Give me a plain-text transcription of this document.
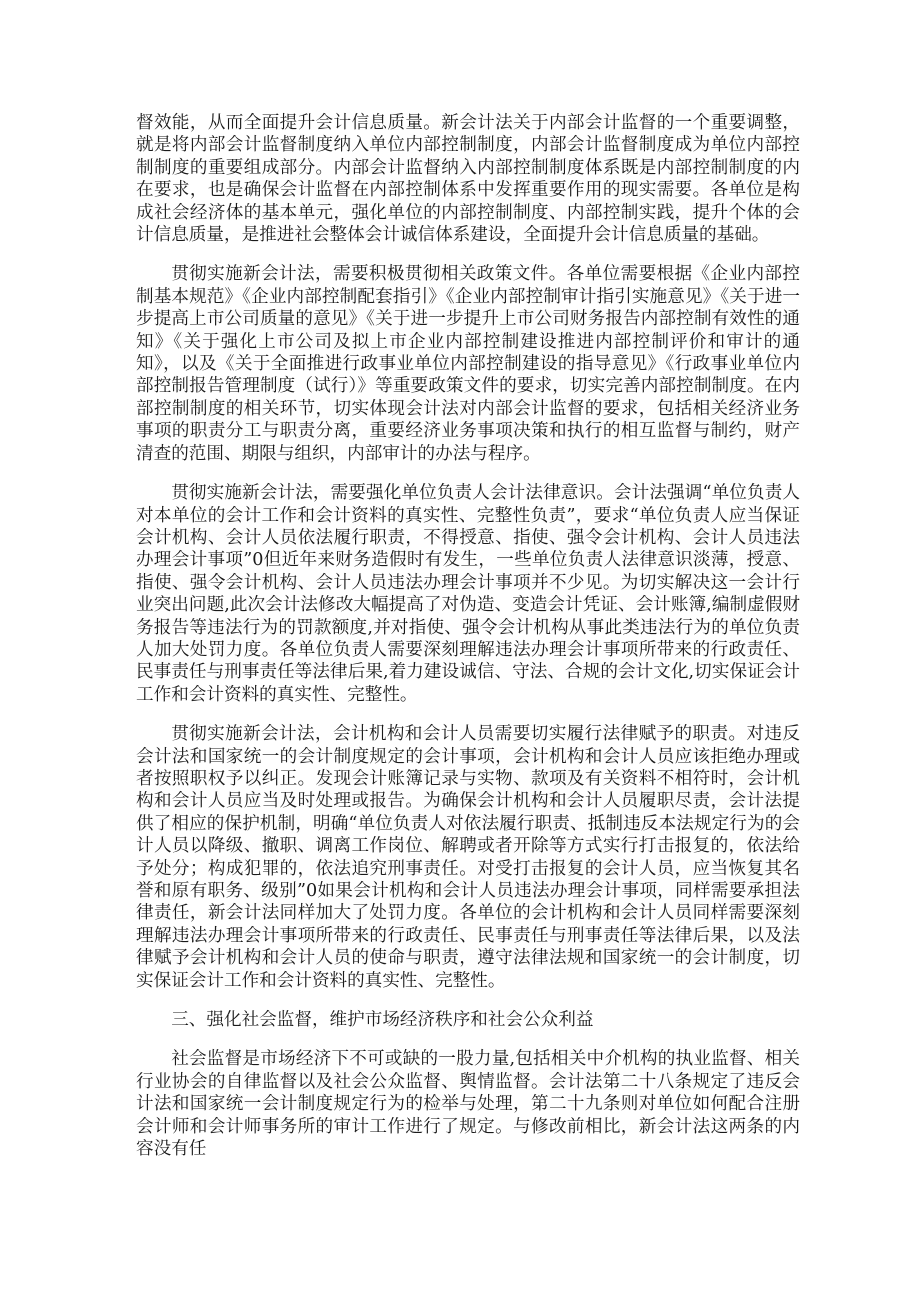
督效能，从而全面提升会计信息质量。新会计法关于内部会计监督的一个重要调整，就是将内部会计监督制度纳入单位内部控制制度，内部会计监督制度成为单位内部控制制度的重要组成部分。内部会计监督纳入内部控制制度体系既是内部控制制度的内在要求，也是确保会计监督在内部控制体系中发挥重要作用的现实需要。各单位是构成社会经济体的基本单元，强化单位的内部控制制度、内部控制实践，提升个体的会计信息质量，是推进社会整体会计诚信体系建设，全面提升会计信息质量的基础。

贯彻实施新会计法，需要积极贯彻相关政策文件。各单位需要根据《企业内部控制基本规范》《企业内部控制配套指引》《企业内部控制审计指引实施意见》《关于进一步提高上市公司质量的意见》《关于进一步提升上市公司财务报告内部控制有效性的通知》《关于强化上市公司及拟上市企业内部控制建设推进内部控制评价和审计的通知》，以及《关于全面推进行政事业单位内部控制建设的指导意见》《行政事业单位内部控制报告管理制度（试行）》等重要政策文件的要求，切实完善内部控制制度。在内部控制制度的相关环节，切实体现会计法对内部会计监督的要求，包括相关经济业务事项的职责分工与职责分离，重要经济业务事项决策和执行的相互监督与制约，财产清查的范围、期限与组织，内部审计的办法与程序。

贯彻实施新会计法，需要强化单位负责人会计法律意识。会计法强调“单位负责人对本单位的会计工作和会计资料的真实性、完整性负责”，要求“单位负责人应当保证会计机构、会计人员依法履行职责，不得授意、指使、强令会计机构、会计人员违法办理会计事项”0但近年来财务造假时有发生，一些单位负责人法律意识淡薄，授意、指使、强令会计机构、会计人员违法办理会计事项并不少见。为切实解决这一会计行业突出问题,此次会计法修改大幅提高了对伪造、变造会计凭证、会计账簿,编制虚假财务报告等违法行为的罚款额度,并对指使、强令会计机构从事此类违法行为的单位负责人加大处罚力度。各单位负责人需要深刻理解违法办理会计事项所带来的行政责任、民事责任与刑事责任等法律后果,着力建设诚信、守法、合规的会计文化,切实保证会计工作和会计资料的真实性、完整性。

贯彻实施新会计法，会计机构和会计人员需要切实履行法律赋予的职责。对违反会计法和国家统一的会计制度规定的会计事项，会计机构和会计人员应该拒绝办理或者按照职权予以纠正。发现会计账簿记录与实物、款项及有关资料不相符时，会计机构和会计人员应当及时处理或报告。为确保会计机构和会计人员履职尽责，会计法提供了相应的保护机制，明确“单位负责人对依法履行职责、抵制违反本法规定行为的会计人员以降级、撤职、调离工作岗位、解聘或者开除等方式实行打击报复的，依法给予处分；构成犯罪的，依法追究刑事责任。对受打击报复的会计人员，应当恢复其名誉和原有职务、级别”0如果会计机构和会计人员违法办理会计事项，同样需要承担法律责任，新会计法同样加大了处罚力度。各单位的会计机构和会计人员同样需要深刻理解违法办理会计事项所带来的行政责任、民事责任与刑事责任等法律后果，以及法律赋予会计机构和会计人员的使命与职责，遵守法律法规和国家统一的会计制度，切实保证会计工作和会计资料的真实性、完整性。

三、强化社会监督，维护市场经济秩序和社会公众利益

社会监督是市场经济下不可或缺的一股力量,包括相关中介机构的执业监督、相关行业协会的自律监督以及社会公众监督、舆情监督。会计法第二十八条规定了违反会计法和国家统一会计制度规定行为的检举与处理，第二十九条则对单位如何配合注册会计师和会计师事务所的审计工作进行了规定。与修改前相比，新会计法这两条的内容没有任
